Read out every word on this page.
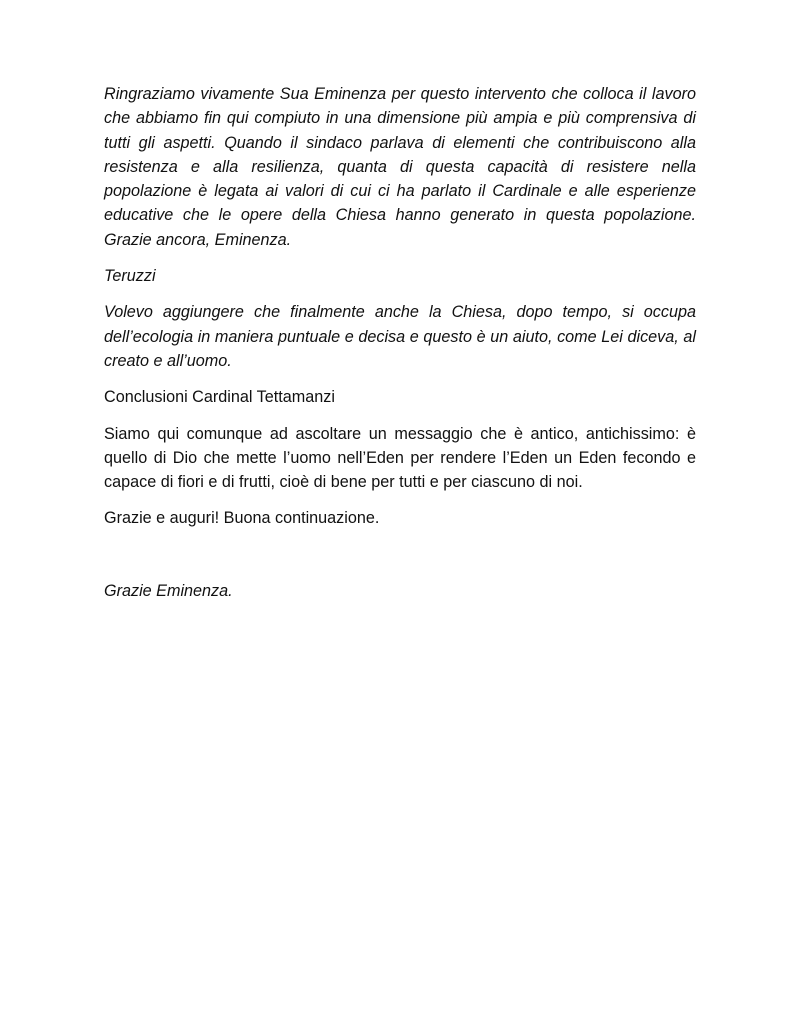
Ringraziamo vivamente Sua Eminenza per questo intervento che colloca il lavoro che abbiamo fin qui compiuto in una dimensione più ampia e più comprensiva di tutti gli aspetti. Quando il sindaco parlava di elementi che contribuiscono alla resistenza e alla resilienza, quanta di questa capacità di resistere nella popolazione è legata ai valori di cui ci ha parlato il Cardinale e alle esperienze educative che le opere della Chiesa hanno generato in questa popolazione. Grazie ancora, Eminenza.

Teruzzi

Volevo aggiungere che finalmente anche la Chiesa, dopo tempo, si occupa dell’ecologia in maniera puntuale e decisa e questo è un aiuto, come Lei diceva, al creato e all’uomo.

Conclusioni Cardinal Tettamanzi

Siamo qui comunque ad ascoltare un messaggio che è antico, antichissimo: è quello di Dio che mette l’uomo nell’Eden per rendere l’Eden un Eden fecondo e capace di fiori e di frutti, cioè di bene per tutti e per ciascuno di noi.

Grazie e auguri! Buona continuazione.

Grazie Eminenza.
